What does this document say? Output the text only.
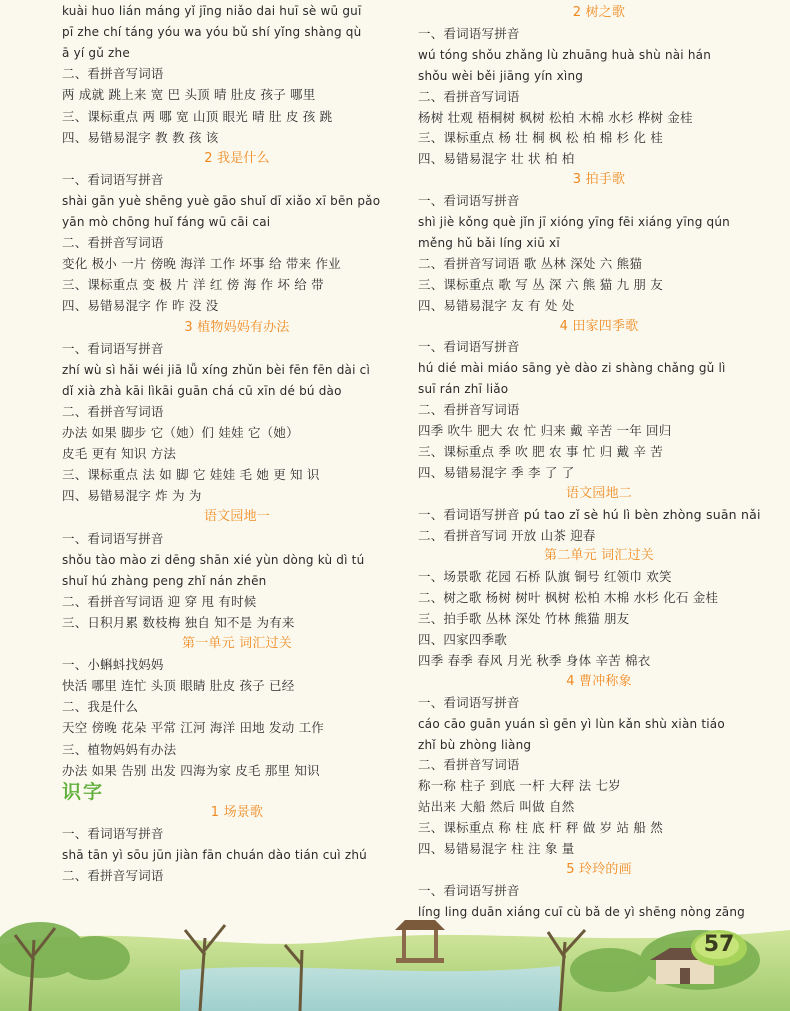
kuài huo lián máng yǐ jīng niǎo dai huī sè wū guī
pī zhe chí táng yóu wa yóu bǔ shí yǐng shàng qù
ā yí gǔ zhe
二、看拼音写词语
两 成就 跳上来 宽 巴 头顶 晴 肚皮 孩子 哪里
三、课标重点 两 哪 宽 山顶 眼光 晴 肚 皮 孩 跳
四、易错易混字 教 教 孩 该
2 我是什么
一、看词语写拼音
shài gān yuè shēng yuè gāo shuǐ dī xiǎo xī bēn pǎo
yān mò chōng huǐ fáng wū cāi cai
二、看拼音写词语
变化 极小 一片 傍晚 海洋 工作 坏事 给 带来 作业
三、课标重点 变 极 片 洋 红 傍 海 作 坏 给 带
四、易错易混字 作 昨 没 没
3 植物妈妈有办法
一、看词语写拼音
zhí wù sì hǎi wéi jiā lǚ xíng zhǔn bèi fēn fēn dài cì
dǐ xià zhà kāi lìkāi guān chá cū xīn dé bú dào
二、看拼音写词语
办法 如果 脚步 它（她）们 娃娃 它（她）
皮毛 更有 知识 方法
三、课标重点 法 如 脚 它 娃娃 毛 她 更 知 识
四、易错易混字 炸 为 为
语文园地一
一、看词语写拼音
shǒu tào mào zi dēng shān xié yùn dòng kù dì tú
shuǐ hú zhàng peng zhǐ nán zhēn
二、看拼音写词语 迎 穿 甩 有时候
三、日积月累 数枝梅 独自 知不是 为有来
第一单元 词汇过关
一、小蝌蚪找妈妈
快活 哪里 连忙 头顶 眼睛 肚皮 孩子 已经
二、我是什么
天空 傍晚 花朵 平常 江河 海洋 田地 发动 工作
三、植物妈妈有办法
办法 如果 告别 出发 四海为家 皮毛 那里 知识
识字
1 场景歌
一、看词语写拼音
shā tān yì sōu jūn jiàn fān chuán dào tián cuì zhú
二、看拼音写词语
2 树之歌
一、看词语写拼音
wú tóng shǒu zhǎng lù zhuāng huà shù nài hán
shǒu wèi běi jiāng yín xìng
二、看拼音写词语
杨树 壮观 梧桐树 枫树 松柏 木棉 水杉 桦树 金桂
三、课标重点 杨 壮 桐 枫 松 柏 棉 杉 化 桂
四、易错易混字 壮 状 柏 柏
3 拍手歌
一、看词语写拼音
shì jiè kǒng què jǐn jī xióng yīng fēi xiáng yīng qún
měng hǔ bǎi líng xiū xī
二、看拼音写词语 歌 丛林 深处 六 熊猫
三、课标重点 歌 写 丛 深 六 熊 猫 九 朋 友
四、易错易混字 友 有 处 处
4 田家四季歌
一、看词语写拼音
hú dié mài miáo sāng yè dào zi shàng chǎng gǔ lì
suī rán zhī liǎo
二、看拼音写词语
四季 吹牛 肥大 农 忙 归来 戴 辛苦 一年 回归
三、课标重点 季 吹 肥 农 事 忙 归 戴 辛 苦
四、易错易混字 季 李 了 了
语文园地二
一、看词语写拼音 pú tao zǐ sè hú lì bèn zhòng suān nǎi
二、看拼音写词 开放 山茶 迎春
第二单元 词汇过关
一、场景歌 花园 石桥 队旗 铜号 红领巾 欢笑
二、树之歌 杨树 树叶 枫树 松柏 木棉 水杉 化石 金桂
三、拍手歌 丛林 深处 竹林 熊猫 朋友
四、四家四季歌
四季 春季 春风 月光 秋季 身体 辛苦 棉衣
4 曹冲称象
一、看词语写拼音
cáo cāo guān yuán sì gēn yì lùn kǎn shù xiàn tiáo
zhǐ bù zhòng liàng
二、看拼音写词语
称一称 柱子 到底 一杆 大秤 法 七岁
站出来 大船 然后 叫做 自然
三、课标重点 称 柱 底 杆 秤 做 岁 站 船 然
四、易错易混字 柱 注 象 量
5 玲玲的画
一、看词语写拼音
líng ling duān xiáng cuī cù bǎ de yì shēng nòng zāng
57
